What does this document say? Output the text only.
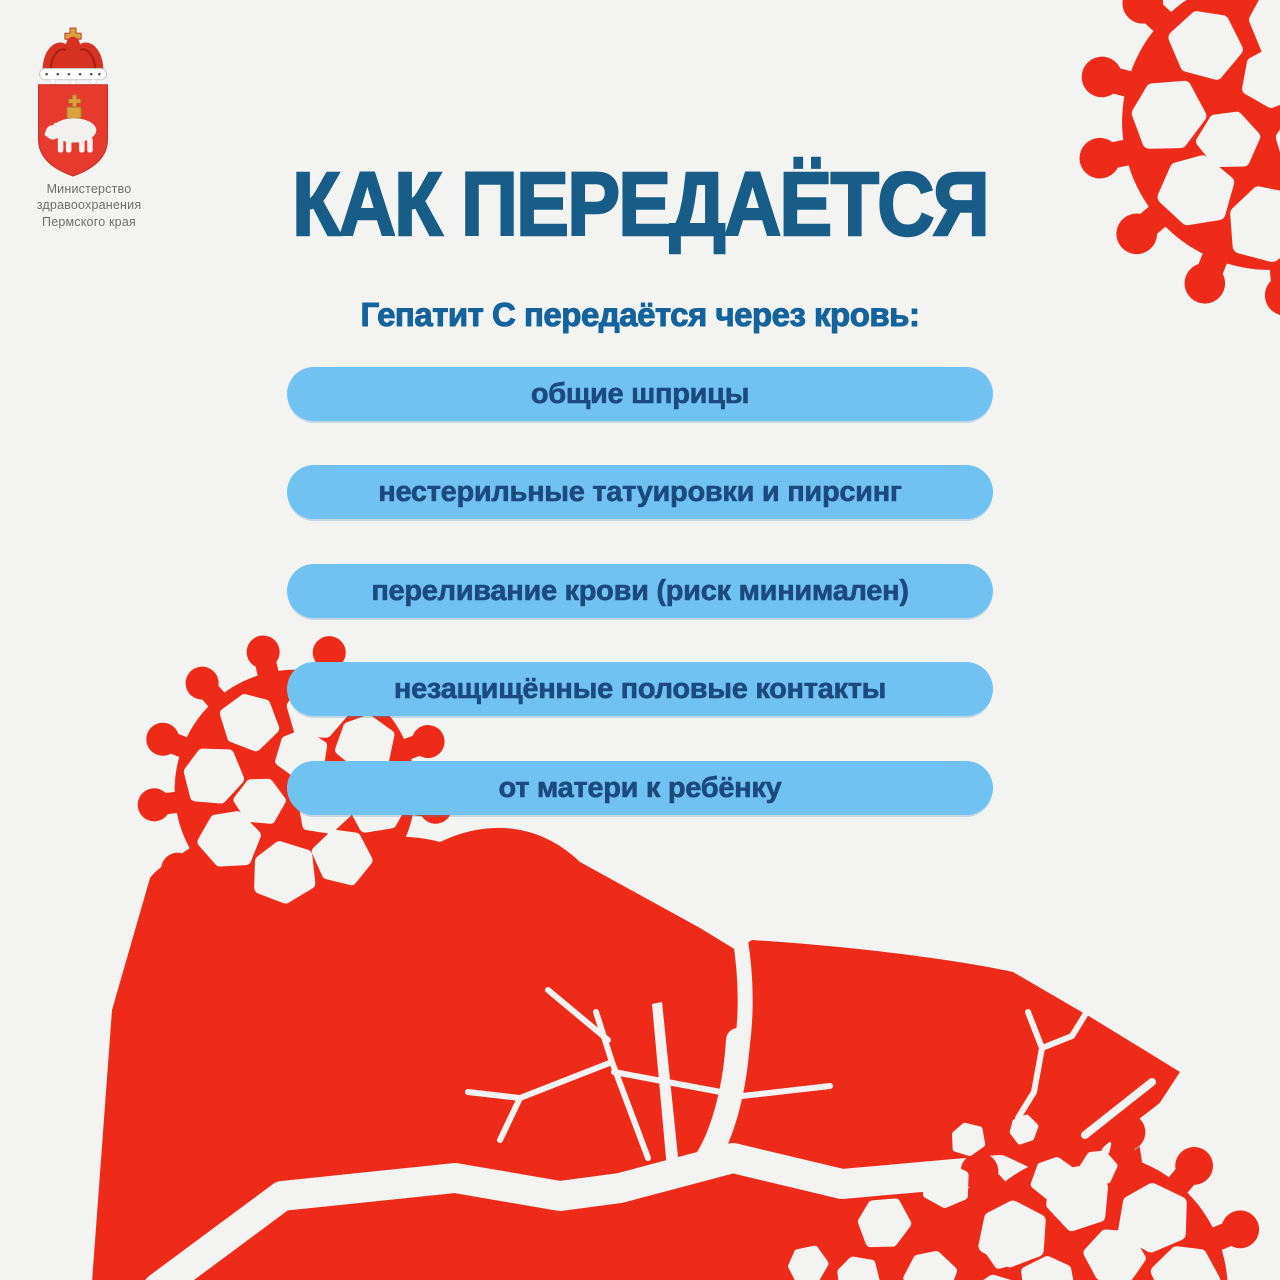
Министерство
здравоохранения
Пермского края	КАК ПЕРЕДАЁТСЯ

Гепатит С передаётся через кровь:

общие шприцы
нестерильные татуировки и пирсинг
переливание крови (риск минимален)
незащищённые половые контакты
от матери к ребёнку
